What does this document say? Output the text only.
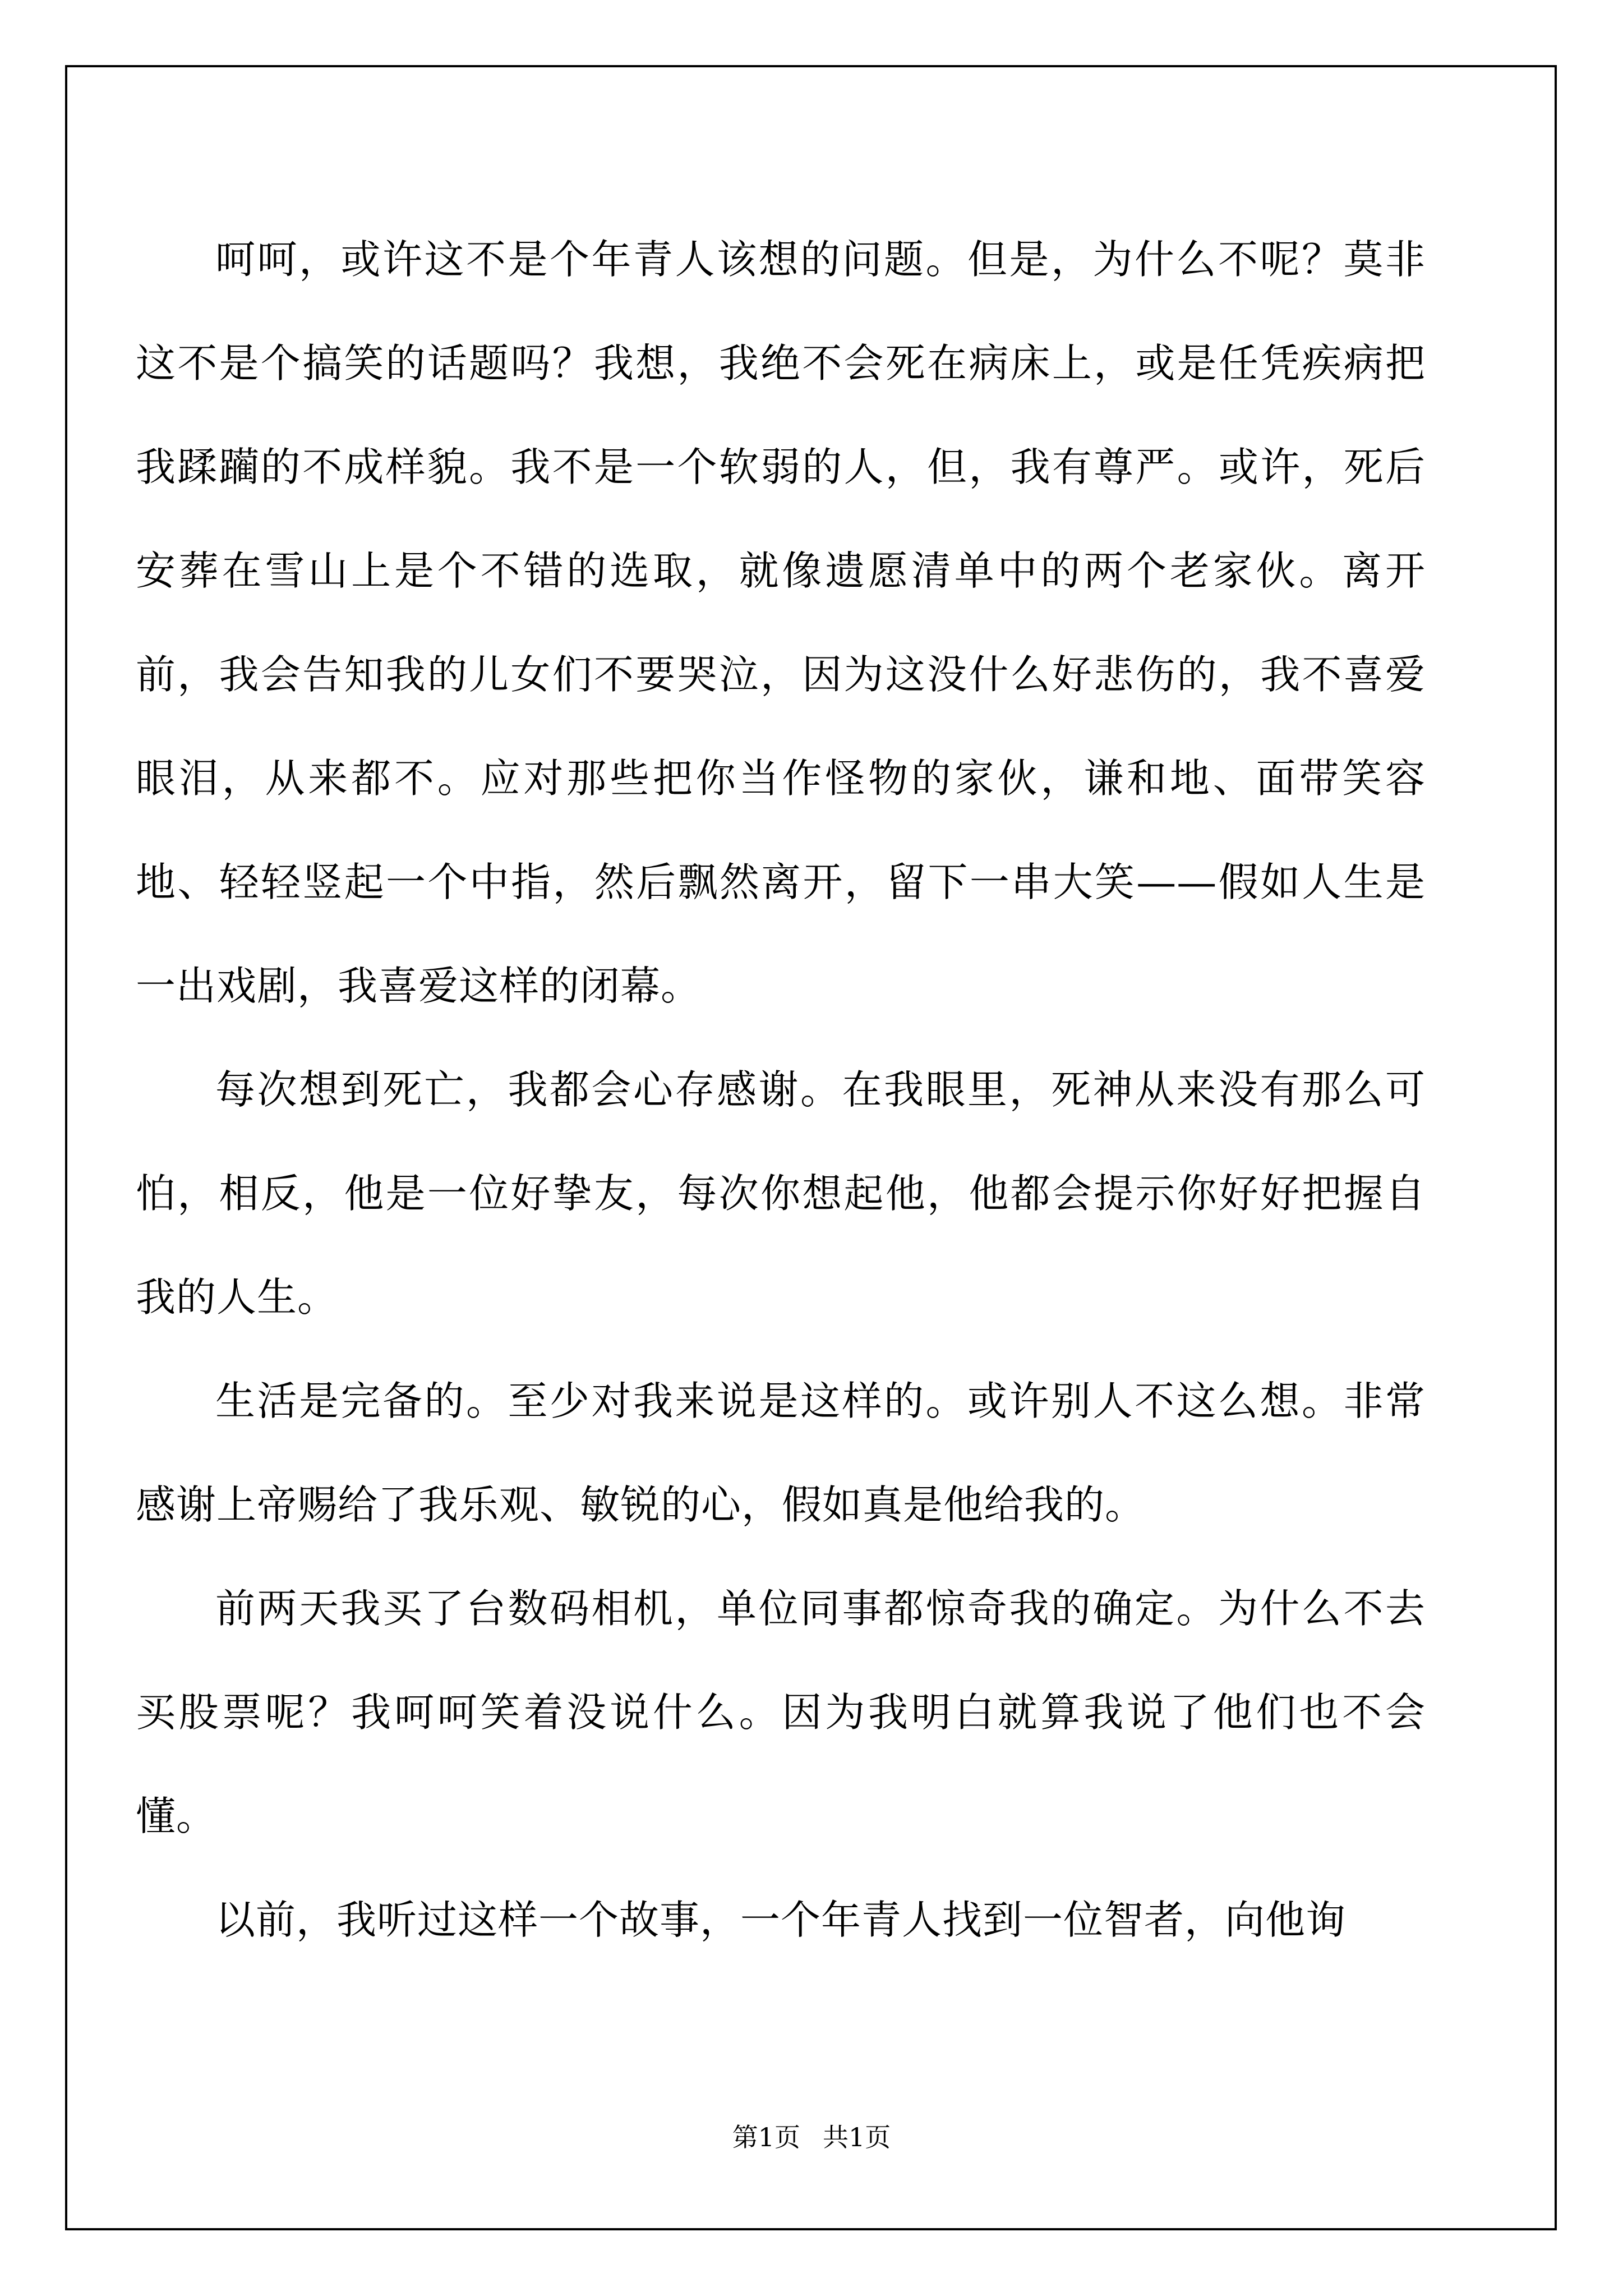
呵呵，或许这不是个年青人该想的问题。但是，为什么不呢？莫非这不是个搞笑的话题吗？我想，我绝不会死在病床上，或是任凭疾病把我蹂躏的不成样貌。我不是一个软弱的人，但，我有尊严。或许，死后安葬在雪山上是个不错的选取，就像遗愿清单中的两个老家伙。离开前，我会告知我的儿女们不要哭泣，因为这没什么好悲伤的，我不喜爱眼泪，从来都不。应对那些把你当作怪物的家伙，谦和地、面带笑容地、轻轻竖起一个中指，然后飘然离开，留下一串大笑——假如人生是一出戏剧，我喜爱这样的闭幕。

每次想到死亡，我都会心存感谢。在我眼里，死神从来没有那么可怕，相反，他是一位好挚友，每次你想起他，他都会提示你好好把握自我的人生。

生活是完备的。至少对我来说是这样的。或许别人不这么想。非常感谢上帝赐给了我乐观、敏锐的心，假如真是他给我的。

前两天我买了台数码相机，单位同事都惊奇我的确定。为什么不去买股票呢？我呵呵笑着没说什么。因为我明白就算我说了他们也不会懂。

以前，我听过这样一个故事，一个年青人找到一位智者，向他询

第1页 共1页
